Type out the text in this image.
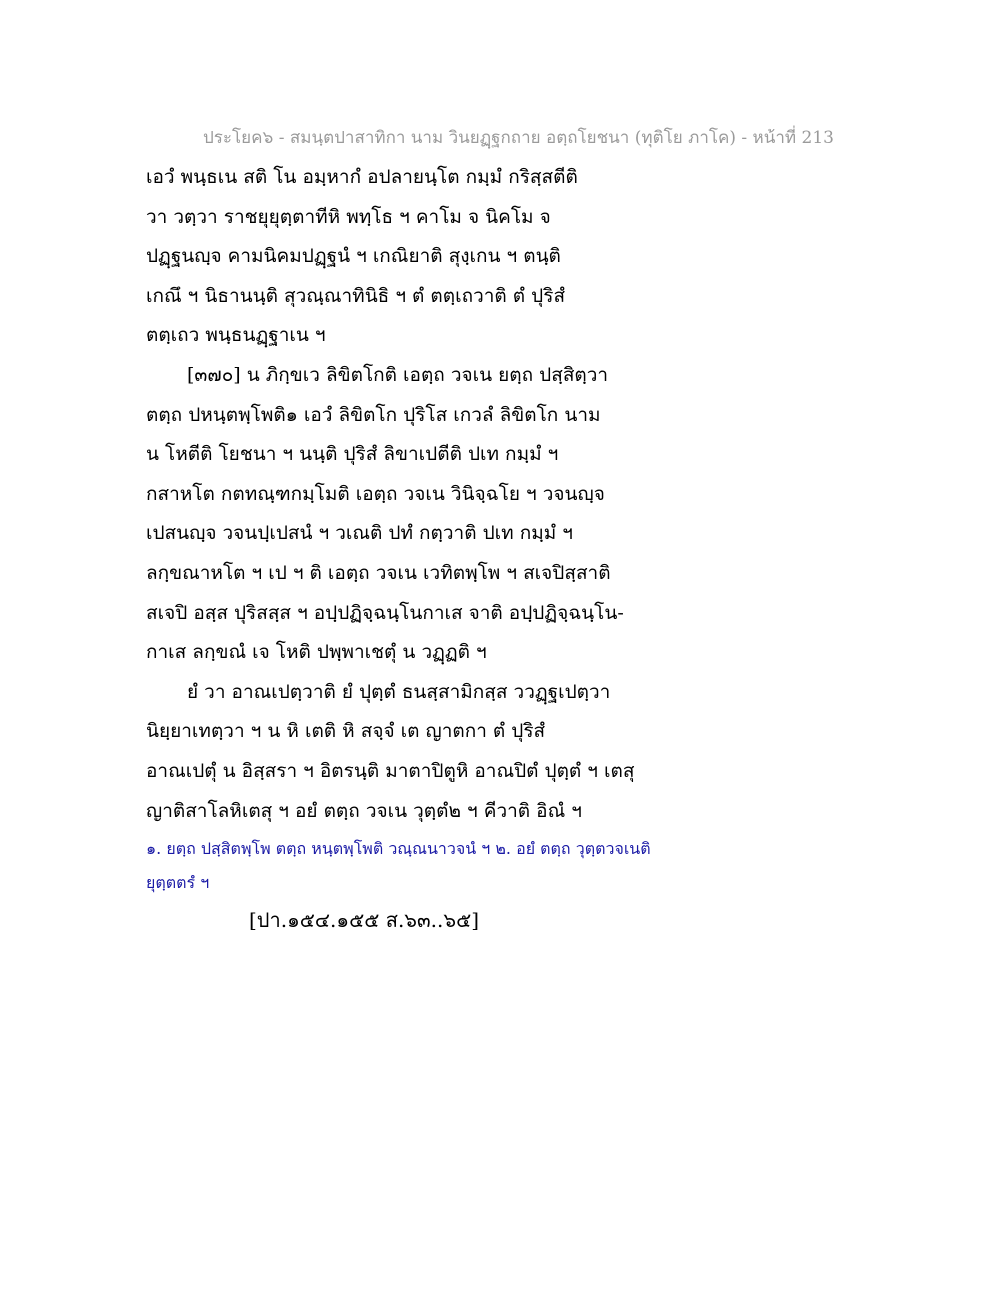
ประโยค๖ - สมนฺตปาสาทิกา นาม วินยฏฺฐกถาย อตฺถโยชนา (ทุติโย ภาโค) - หน้าที่ 213
เอวํ พนฺธเน สติ โน อมฺหากํ อปลายนฺโต กมฺมํ กริสฺสตีติ
วา วตฺวา ราชยุยุตฺตาทีหิ พทฺโธ ฯ คาโม จ นิคโม จ
ปฏฺฐนญฺจ คามนิคมปฏฺฐนํ ฯ เกณิยาติ สุงฺเกน ฯ ตนฺติ
เกณึ ฯ นิธานนฺติ สุวณฺณาทินิธิ ฯ ตํ ตตฺเถวาติ ตํ ปุริสํ
ตตฺเถว พนฺธนฏฺฐาเน ฯ
[๓๗๐] น ภิกฺขเว ลิขิตโกติ เอตฺถ วจเน ยตฺถ ปสฺสิตฺวา
ตตฺถ ปหนฺตพฺโพติ๑ เอวํ ลิขิตโก ปุริโส เกวลํ ลิขิตโก นาม
น โหตีติ โยชนา ฯ นนฺติ ปุริสํ ลิขาเปตีติ ปเท กมฺมํ ฯ
กสาหโต กตทณฺฑกมฺโมติ เอตฺถ วจเน วินิจฺฉโย ฯ วจนญฺจ
เปสนญฺจ วจนปฺเปสนํ ฯ วเณติ ปทํ กตฺวาติ ปเท กมฺมํ ฯ
ลกฺขณาหโต ฯ เป ฯ ติ เอตฺถ วจเน เวทิตพฺโพ ฯ สเจปิสฺสาติ
สเจปิ อสฺส ปุริสสฺส ฯ อปฺปฏิจฺฉนฺโนกาเส จาติ อปฺปฏิจฺฉนฺโน-
กาเส ลกฺขณํ เจ โหติ ปพฺพาเชตุํ น วฏฺฏติ ฯ
ยํ วา อาณเปตฺวาติ ยํ ปุตฺตํ ธนสฺสามิกสฺส ววฏฺฐเปตฺวา
นิยฺยาเทตฺวา ฯ น หิ เตติ หิ สจฺจํ เต ญาตกา ตํ ปุริสํ
อาณเปตุํ น อิสฺสรา ฯ อิตรนฺติ มาตาปิตูหิ อาณปิตํ ปุตฺตํ ฯ เตสุ
ญาติสาโลหิเตสุ ฯ อยํ ตตฺถ วจเน วุตฺตํ๒ ฯ คีวาติ อิณํ ฯ
๑. ยตฺถ ปสฺสิตพฺโพ ตตฺถ หนฺตพฺโพติ วณฺณนาวจนํ ฯ ๒. อยํ ตตฺถ วุตฺตวจเนติ
ยุตฺตตรํ ฯ
[ปา.๑๕๔.๑๕๕ ส.๖๓..๖๕]
